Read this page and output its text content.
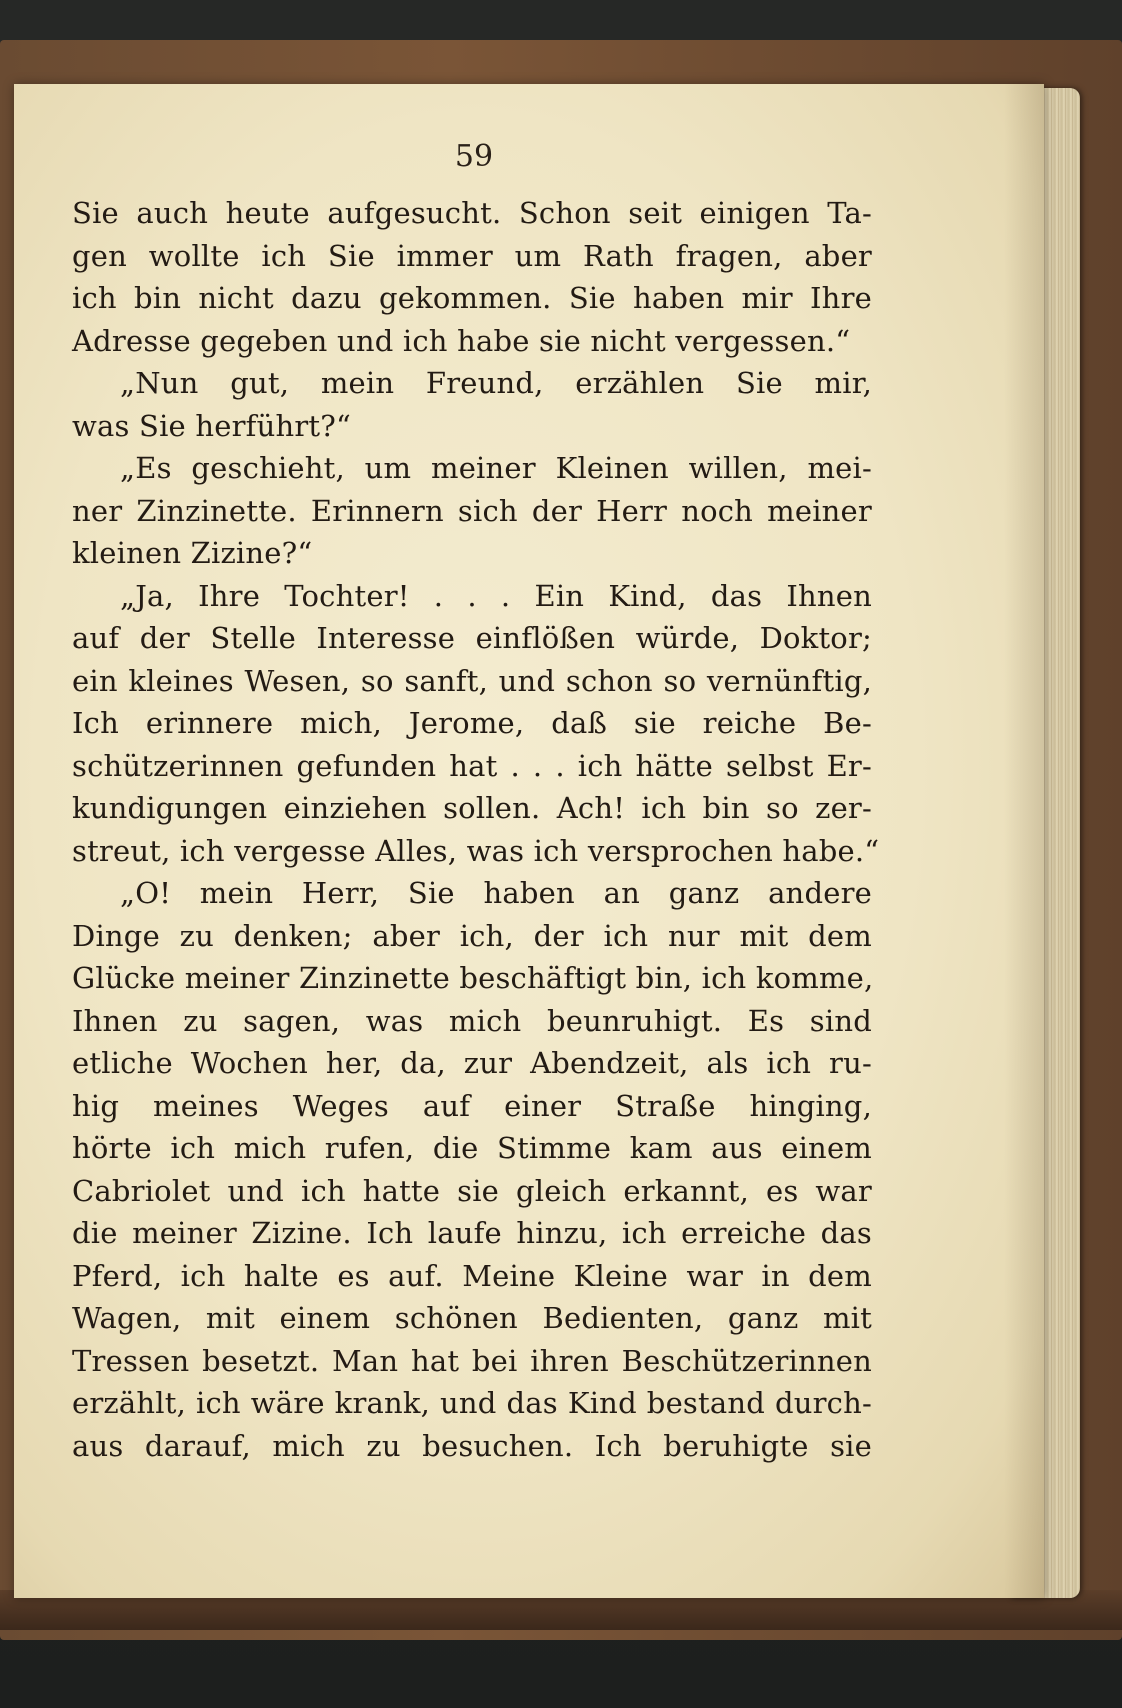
59
Sie auch heute aufgesucht. Schon seit einigen Ta-
gen wollte ich Sie immer um Rath fragen, aber
ich bin nicht dazu gekommen. Sie haben mir Ihre
Adresse gegeben und ich habe sie nicht vergessen.“
„Nun gut, mein Freund, erzählen Sie mir,
was Sie herführt?“
„Es geschieht, um meiner Kleinen willen, mei-
ner Zinzinette. Erinnern sich der Herr noch meiner
kleinen Zizine?“
„Ja, Ihre Tochter! . . . Ein Kind, das Ihnen
auf der Stelle Interesse einflößen würde, Doktor;
ein kleines Wesen, so sanft, und schon so vernünftig,
Ich erinnere mich, Jerome, daß sie reiche Be-
schützerinnen gefunden hat . . . ich hätte selbst Er-
kundigungen einziehen sollen. Ach! ich bin so zer-
streut, ich vergesse Alles, was ich versprochen habe.“
„O! mein Herr, Sie haben an ganz andere
Dinge zu denken; aber ich, der ich nur mit dem
Glücke meiner Zinzinette beschäftigt bin, ich komme,
Ihnen zu sagen, was mich beunruhigt. Es sind
etliche Wochen her, da, zur Abendzeit, als ich ru-
hig meines Weges auf einer Straße hinging,
hörte ich mich rufen, die Stimme kam aus einem
Cabriolet und ich hatte sie gleich erkannt, es war
die meiner Zizine. Ich laufe hinzu, ich erreiche das
Pferd, ich halte es auf. Meine Kleine war in dem
Wagen, mit einem schönen Bedienten, ganz mit
Tressen besetzt. Man hat bei ihren Beschützerinnen
erzählt, ich wäre krank, und das Kind bestand durch-
aus darauf, mich zu besuchen. Ich beruhigte sie
